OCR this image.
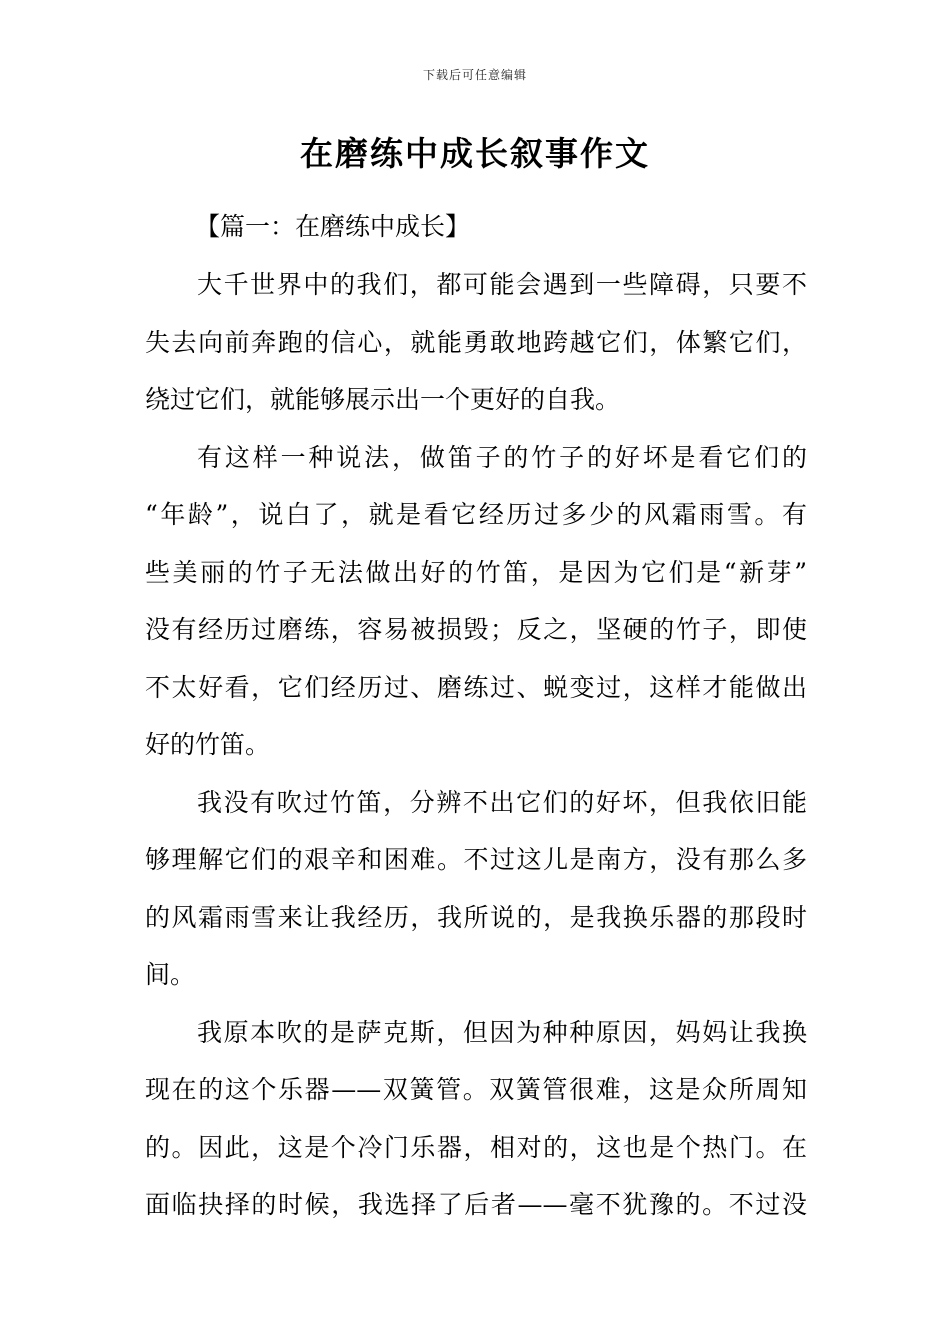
下载后可任意编辑
在磨练中成长叙事作文
【篇一：在磨练中成长】
大千世界中的我们，都可能会遇到一些障碍，只要不
失去向前奔跑的信心，就能勇敢地跨越它们，体繁它们，
绕过它们，就能够展示出一个更好的自我。
有这样一种说法，做笛子的竹子的好坏是看它们的
“年龄”，说白了，就是看它经历过多少的风霜雨雪。有
些美丽的竹子无法做出好的竹笛，是因为它们是“新芽”
没有经历过磨练，容易被损毁；反之，坚硬的竹子，即使
不太好看，它们经历过、磨练过、蜕变过，这样才能做出
好的竹笛。
我没有吹过竹笛，分辨不出它们的好坏，但我依旧能
够理解它们的艰辛和困难。不过这儿是南方，没有那么多
的风霜雨雪来让我经历，我所说的，是我换乐器的那段时
间。
我原本吹的是萨克斯，但因为种种原因，妈妈让我换
现在的这个乐器——双簧管。双簧管很难，这是众所周知
的。因此，这是个冷门乐器，相对的，这也是个热门。在
面临抉择的时候，我选择了后者——毫不犹豫的。不过没
